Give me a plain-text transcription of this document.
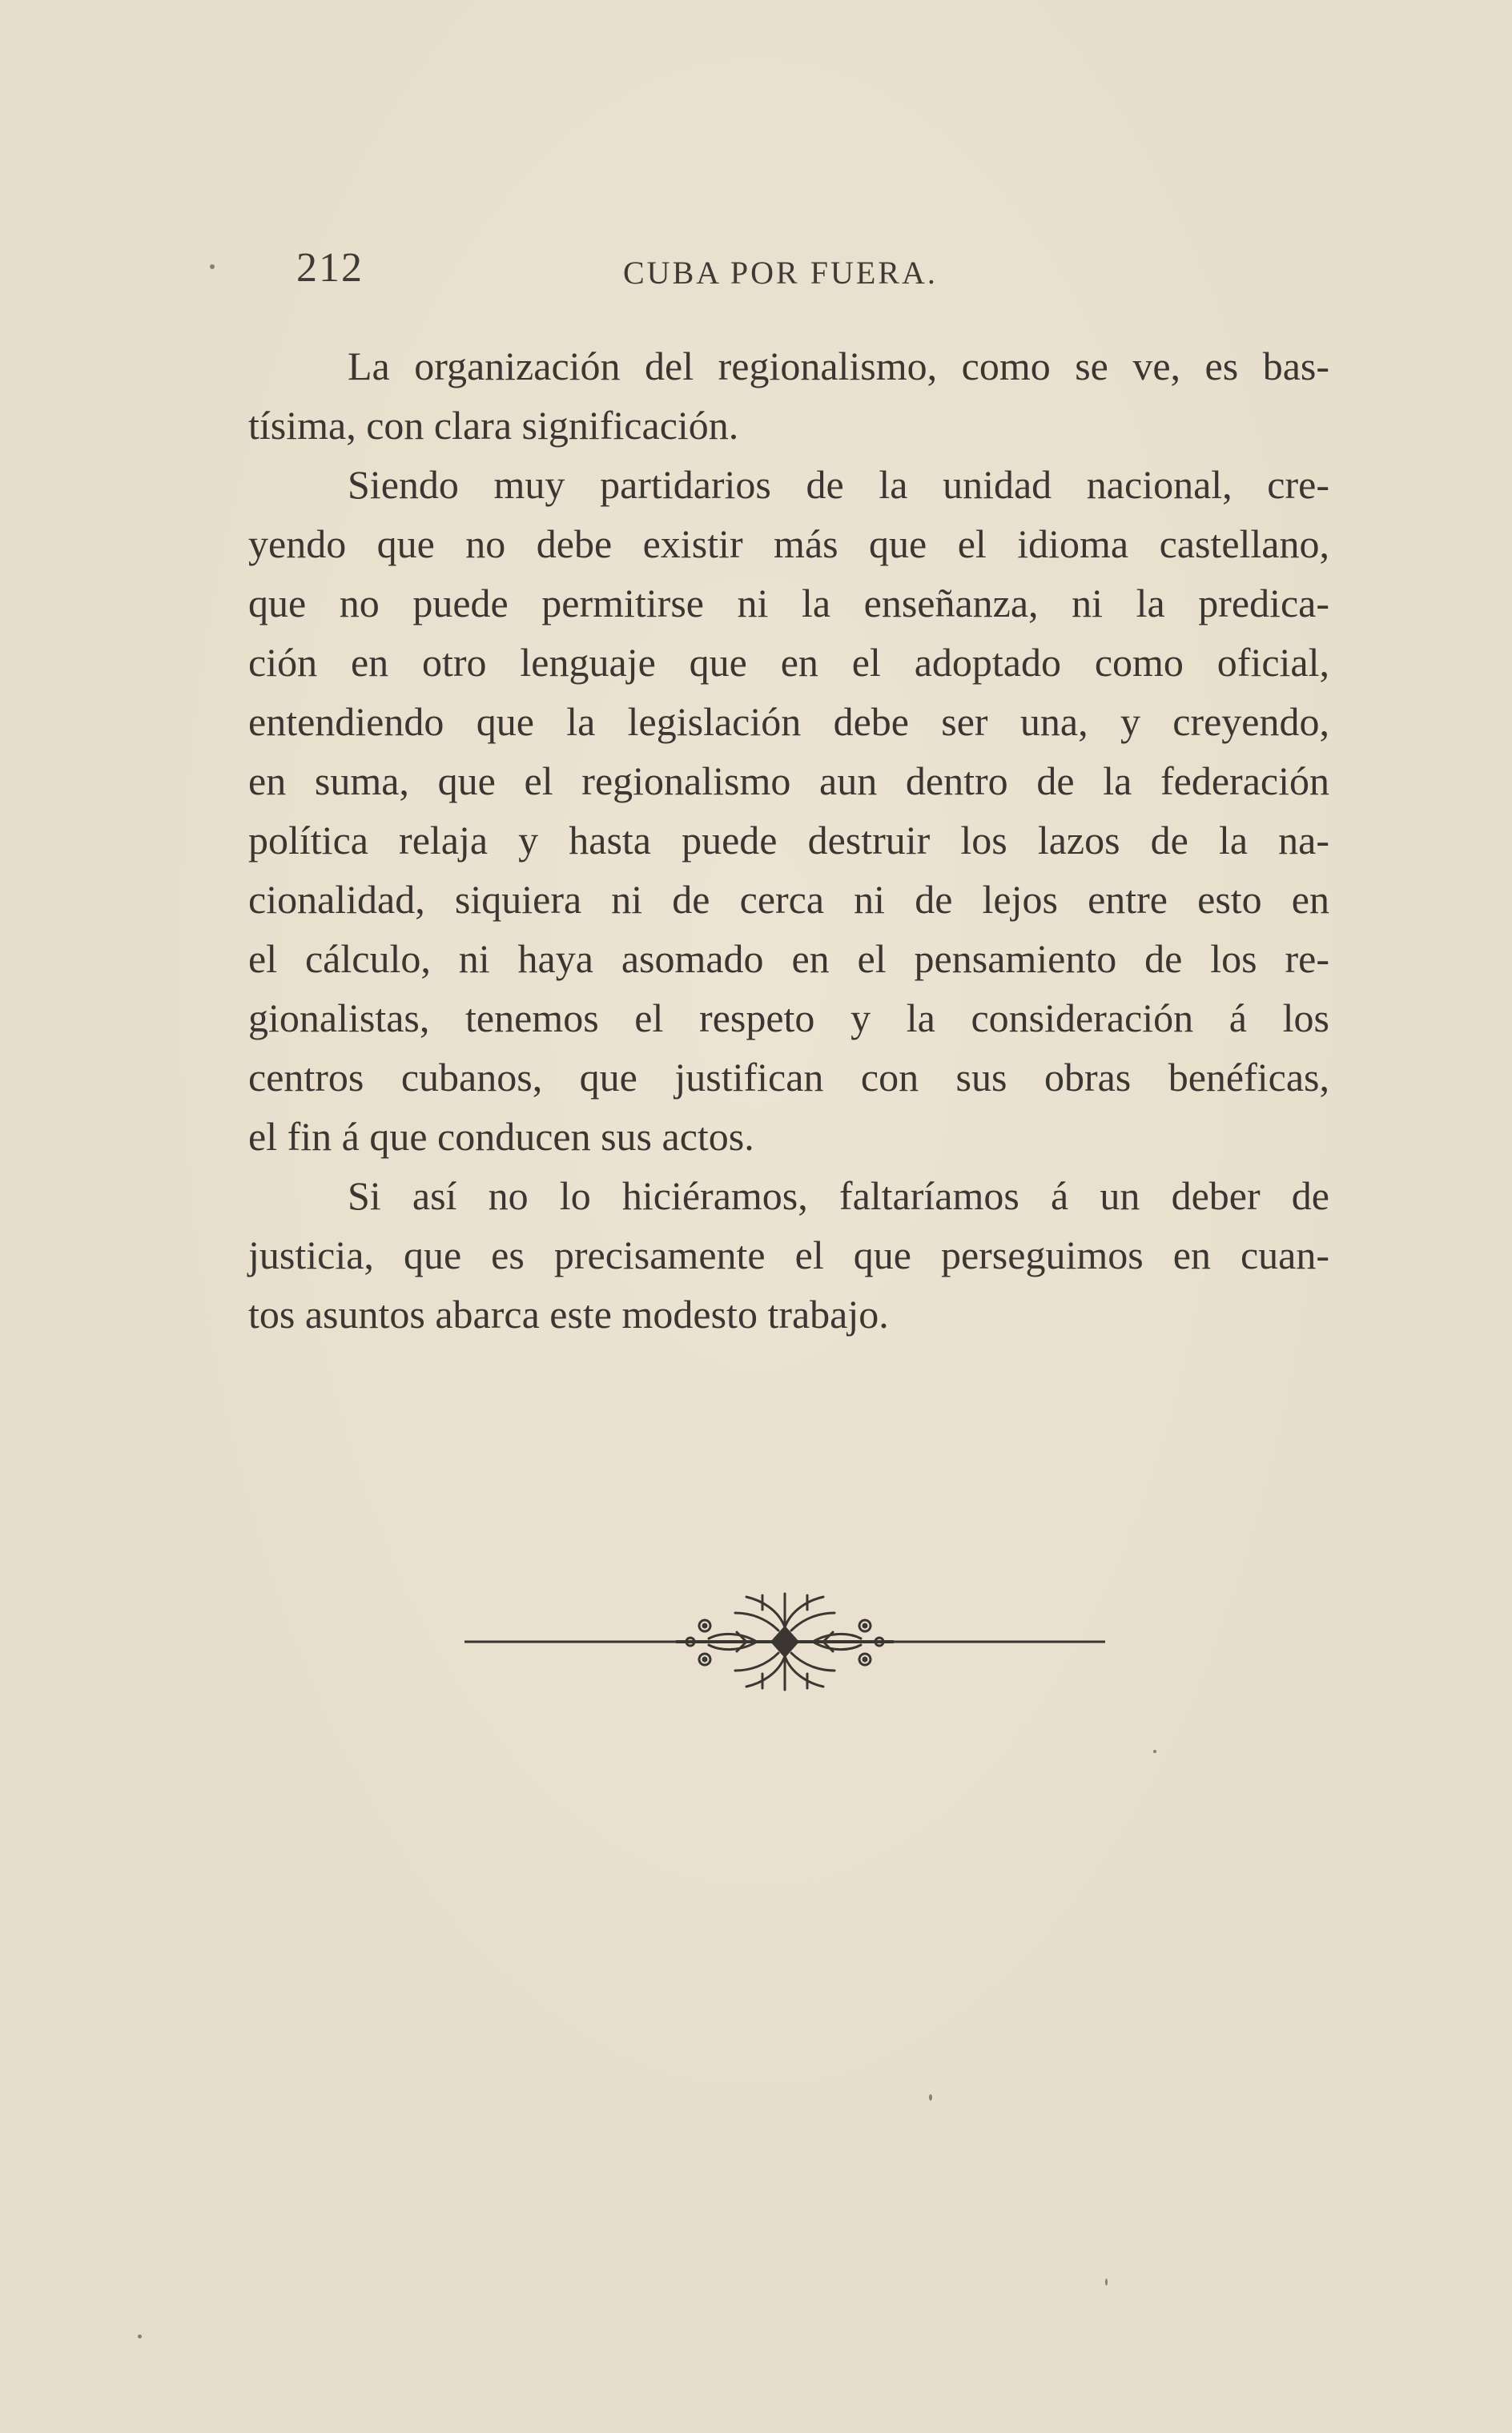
212	CUBA POR FUERA.
La organización del regionalismo, como se ve, es bas-
tísima, con clara significación.
Siendo muy partidarios de la unidad nacional, cre-
yendo que no debe existir más que el idioma castellano,
que no puede permitirse ni la enseñanza, ni la predica-
ción en otro lenguaje que en el adoptado como oficial,
entendiendo que la legislación debe ser una, y creyendo,
en suma, que el regionalismo aun dentro de la federación
política relaja y hasta puede destruir los lazos de la na-
cionalidad, siquiera ni de cerca ni de lejos entre esto en
el cálculo, ni haya asomado en el pensamiento de los re-
gionalistas, tenemos el respeto y la consideración á los
centros cubanos, que justifican con sus obras benéficas,
el fin á que conducen sus actos.
Si así no lo hiciéramos, faltaríamos á un deber de
justicia, que es precisamente el que perseguimos en cuan-
tos asuntos abarca este modesto trabajo.
